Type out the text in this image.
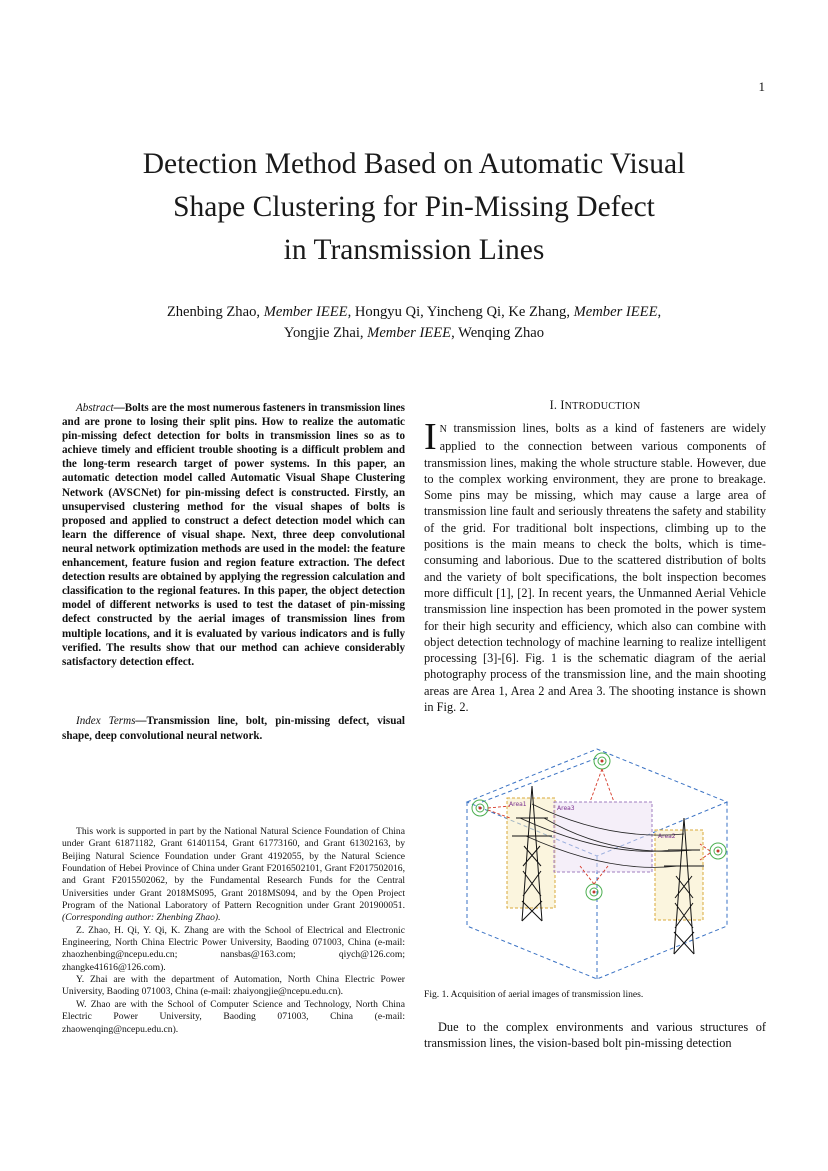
1
Detection Method Based on Automatic Visual
Shape Clustering for Pin-Missing Defect
in Transmission Lines
Zhenbing Zhao, Member IEEE, Hongyu Qi, Yincheng Qi, Ke Zhang, Member IEEE,
Yongjie Zhai, Member IEEE, Wenqing Zhao
Abstract—Bolts are the most numerous fasteners in transmission lines and are prone to losing their split pins. How to realize the automatic pin-missing defect detection for bolts in transmission lines so as to achieve timely and efficient trouble shooting is a difficult problem and the long-term research target of power systems. In this paper, an automatic detection model called Automatic Visual Shape Clustering Network (AVSCNet) for pin-missing defect is constructed. Firstly, an unsupervised clustering method for the visual shapes of bolts is proposed and applied to construct a defect detection model which can learn the difference of visual shape. Next, three deep convolutional neural network optimization methods are used in the model: the feature enhancement, feature fusion and region feature extraction. The defect detection results are obtained by applying the regression calculation and classification to the regional features. In this paper, the object detection model of different networks is used to test the dataset of pin-missing defect constructed by the aerial images of transmission lines from multiple locations, and it is evaluated by various indicators and is fully verified. The results show that our method can achieve considerably satisfactory detection effect.
Index Terms—Transmission line, bolt, pin-missing defect, visual shape, deep convolutional neural network.

This work is supported in part by the National Natural Science Foundation of China under Grant 61871182, Grant 61401154, Grant 61773160, and Grant 61302163, by Beijing Natural Science Foundation under Grant 4192055, by the Natural Science Foundation of Hebei Province of China under Grant F2016502101, Grant F2017502016, and Grant F2015502062, by the Fundamental Research Funds for the Central Universities under Grant 2018MS095, Grant 2018MS094, and by the Open Project Program of the National Laboratory of Pattern Recognition under Grant 201900051. (Corresponding author: Zhenbing Zhao).

Z. Zhao, H. Qi, Y. Qi, K. Zhang are with the School of Electrical and Electronic Engineering, North China Electric Power University, Baoding 071003, China (e-mail: zhaozhenbing@ncepu.edu.cn; nansbas@163.com; qiych@126.com; zhangke41616@126.com).

Y. Zhai are with the department of Automation, North China Electric Power University, Baoding 071003, China (e-mail: zhaiyongjie@ncepu.edu.cn).

W. Zhao are with the School of Computer Science and Technology, North China Electric Power University, Baoding 071003, China (e-mail: zhaowenqing@ncepu.edu.cn).

I. INTRODUCTION
I N transmission lines, bolts as a kind of fasteners are widely applied to the connection between various components of transmission lines, making the whole structure stable. However, due to the complex working environment, they are prone to breakage. Some pins may be missing, which may cause a large area of transmission line fault and seriously threatens the safety and stability of the grid. For traditional bolt inspections, climbing up to the positions is the main means to check the bolts, which is time-consuming and laborious. Due to the scattered distribution of bolts and the variety of bolt specifications, the bolt inspection becomes more difficult [1], [2]. In recent years, the Unmanned Aerial Vehicle transmission line inspection has been promoted in the power system for their high security and efficiency, which also can combine with object detection technology of machine learning to realize intelligent processing [3]-[6]. Fig. 1 is the schematic diagram of the aerial photography process of the transmission line, and the main shooting areas are Area 1, Area 2 and Area 3. The shooting instance is shown in Fig. 2.
Area1
Area3
Area2
Fig. 1. Acquisition of aerial images of transmission lines.

Due to the complex environments and various structures of transmission lines, the vision-based bolt pin-missing detection
